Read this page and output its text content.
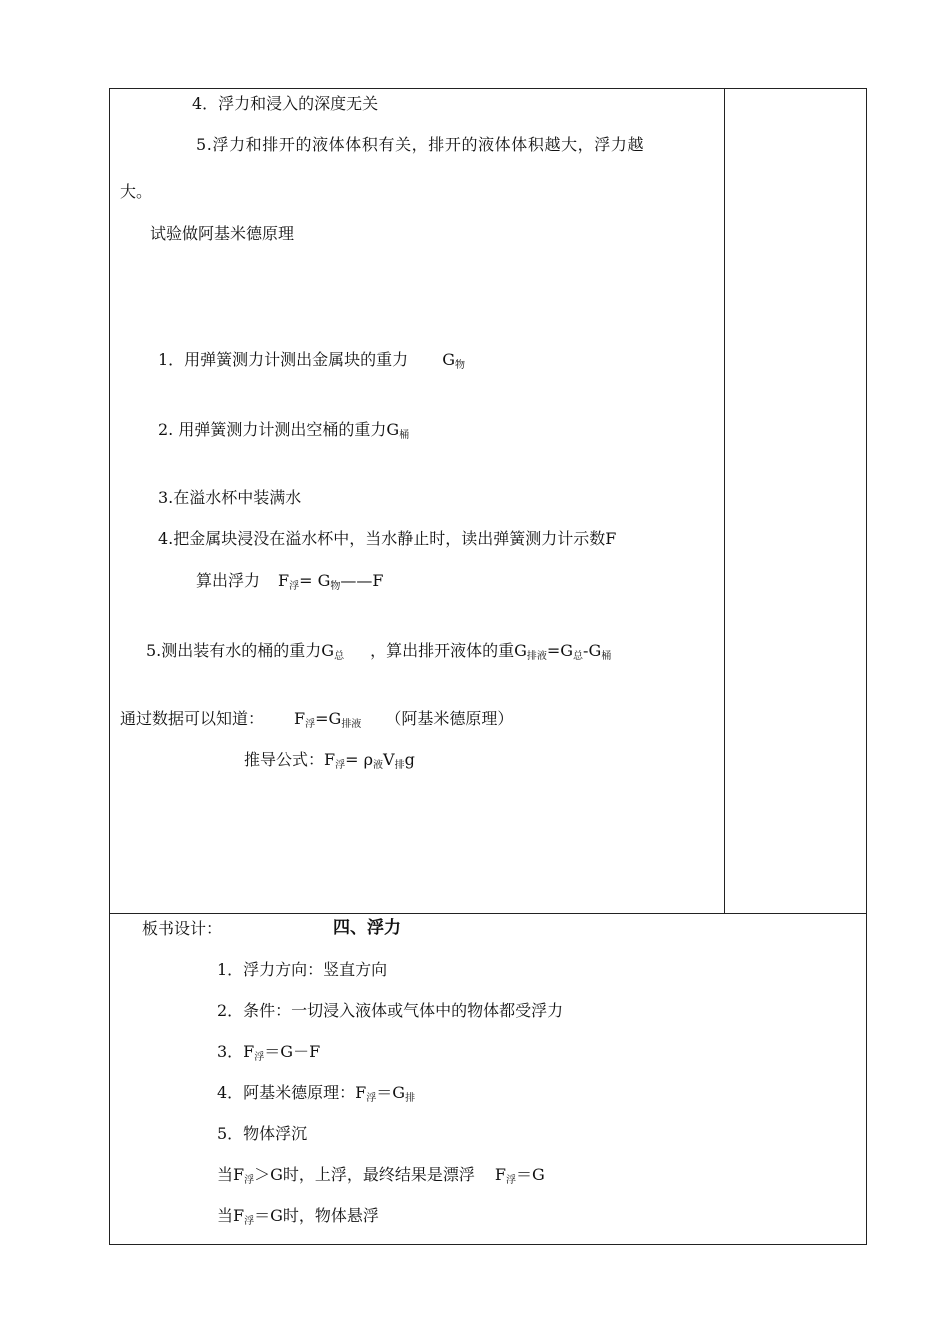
4．浮力和浸入的深度无关
5.浮力和排开的液体体积有关，排开的液体体积越大，浮力越
大。
试验做阿基米德原理
1．用弹簧测力计测出金属块的重力 $G_物$
2. 用弹簧测力计测出空桶的重力$G_桶$
3.在溢水杯中装满水
4.把金属块浸没在溢水杯中，当水静止时，读出弹簧测力计示数F
算出浮力 $F_浮=$ $G_物——F$
5.测出装有水的桶的重力$G_总$ ，算出排开液体的重$G_{排液}=G_总-G_桶$
通过数据可以知道： $F_浮=G_{排液}$ （阿基米德原理）
推导公式：$F_浮= \rho_液V_排g$
板书设计：	四、浮力
1．浮力方向：竖直方向
2．条件：一切浸入液体或气体中的物体都受浮力
3．$F_浮=G-F$
4．阿基米德原理：$F_浮=G_排$
5．物体浮沉
当$F_浮>G$时，上浮，最终结果是漂浮 $F_浮=G$
当$F_浮=G$时，物体悬浮
